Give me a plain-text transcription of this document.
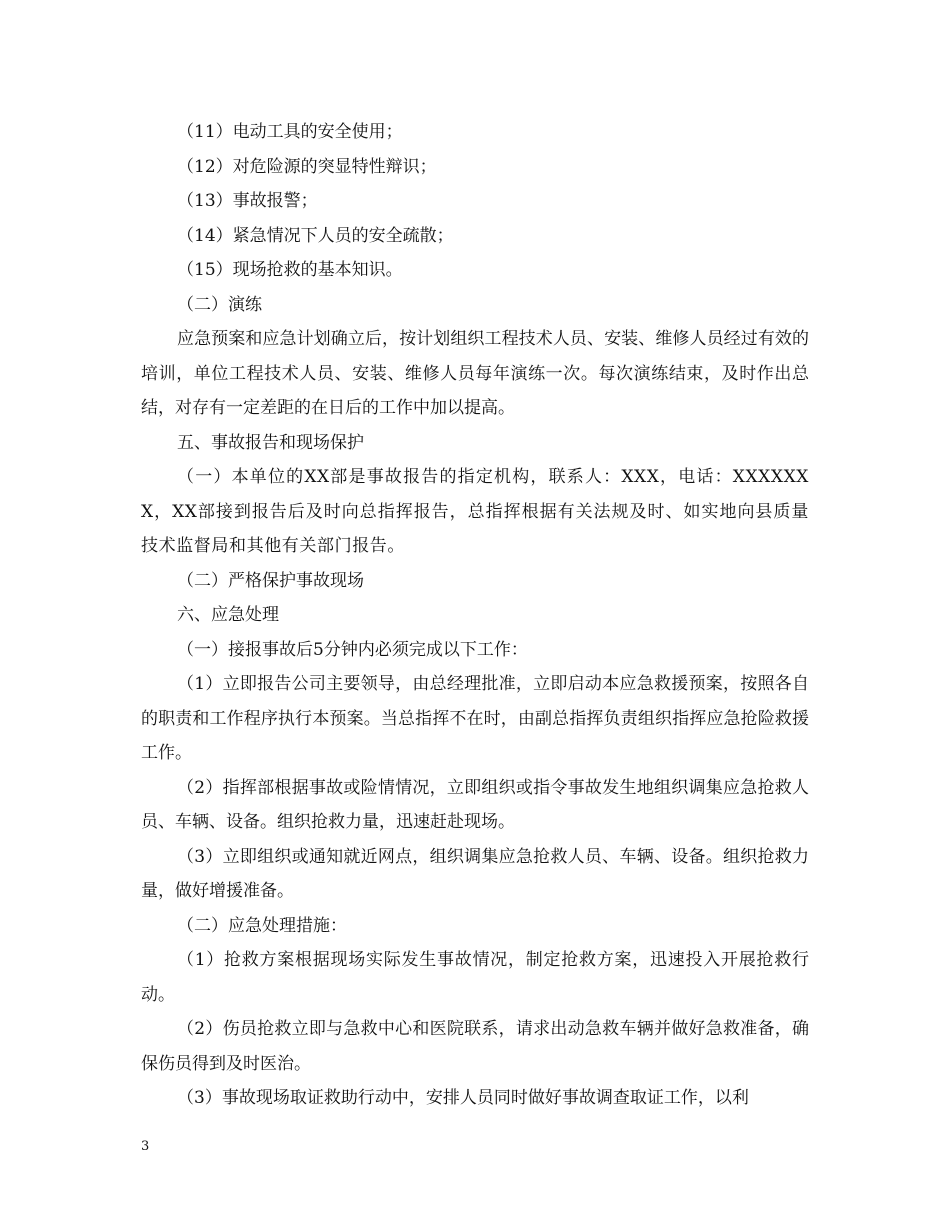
（11）电动工具的安全使用；

（12）对危险源的突显特性辩识；

（13）事故报警；

（14）紧急情况下人员的安全疏散；

（15）现场抢救的基本知识。

（二）演练

应急预案和应急计划确立后，按计划组织工程技术人员、安装、维修人员经过有效的培训，单位工程技术人员、安装、维修人员每年演练一次。每次演练结束，及时作出总结，对存有一定差距的在日后的工作中加以提高。

五、事故报告和现场保护

（一）本单位的XX部是事故报告的指定机构，联系人：XXX，电话：XXXXXXX，XX部接到报告后及时向总指挥报告，总指挥根据有关法规及时、如实地向县质量技术监督局和其他有关部门报告。

（二）严格保护事故现场

六、应急处理

（一）接报事故后5分钟内必须完成以下工作：

（1）立即报告公司主要领导，由总经理批准，立即启动本应急救援预案，按照各自的职责和工作程序执行本预案。当总指挥不在时，由副总指挥负责组织指挥应急抢险救援工作。

（2）指挥部根据事故或险情情况，立即组织或指令事故发生地组织调集应急抢救人员、车辆、设备。组织抢救力量，迅速赶赴现场。

（3）立即组织或通知就近网点，组织调集应急抢救人员、车辆、设备。组织抢救力量，做好增援准备。

（二）应急处理措施：

（1）抢救方案根据现场实际发生事故情况，制定抢救方案，迅速投入开展抢救行动。

（2）伤员抢救立即与急救中心和医院联系，请求出动急救车辆并做好急救准备，确保伤员得到及时医治。

（3）事故现场取证救助行动中，安排人员同时做好事故调查取证工作，以利

3
